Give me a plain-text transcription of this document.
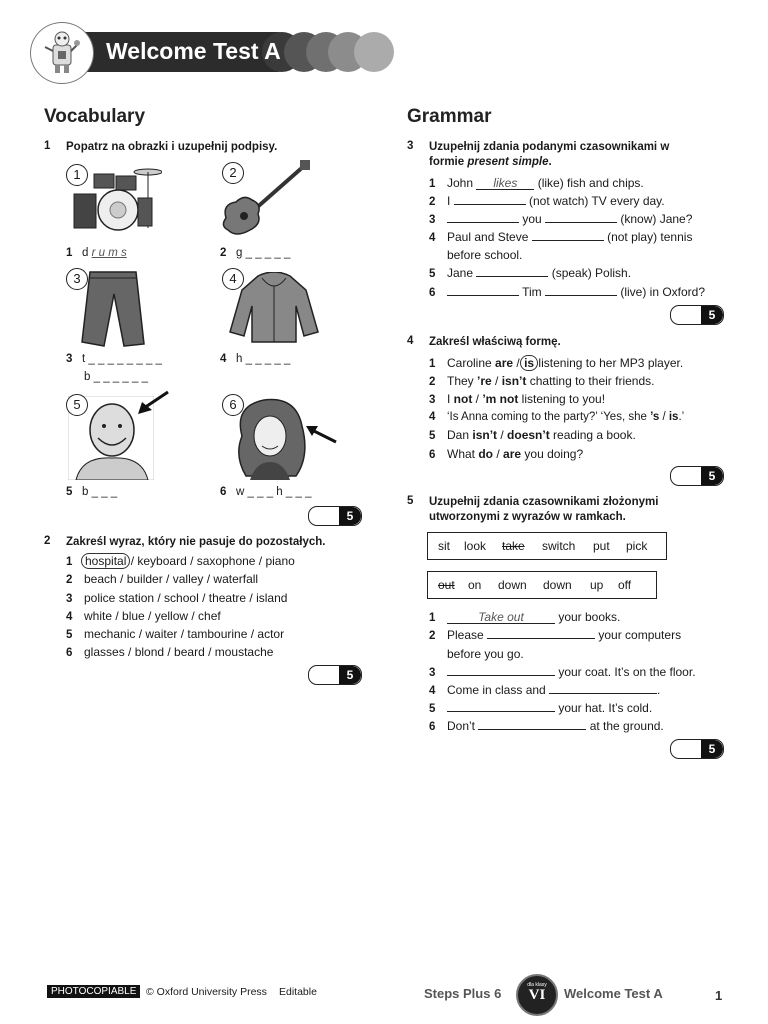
Welcome Test A
Vocabulary
1 Popatrz na obrazki i uzupełnij podpisy.
1	2
3	4
5	6
1 d r u m s	2 g _ _ _ _ _
3 t _ _ _ _ _ _ _ _
b _ _ _ _ _ _
4 h _ _ _ _ _
5 b _ _ _	6 w _ _ _ h _ _ _
5
2 Zakreśl wyraz, który nie pasuje do pozostałych.
1 hospital / keyboard / saxophone / piano
2 beach / builder / valley / waterfall
3 police station / school / theatre / island
4 white / blue / yellow / chef
5 mechanic / waiter / tambourine / actor
6 glasses / blond / beard / moustache
5
Grammar
3 Uzupełnij zdania podanymi czasownikami w
formie present simple.
1 John likes (like) fish and chips.
2 I	(not watch) TV every day.
3	you	(know) Jane?
4 Paul and Steve	(not play) tennis
before school.
5 Jane	(speak) Polish.
6	Tim	(live) in Oxford?
5
4 Zakreśl właściwą formę.
1 Caroline are / is listening to her MP3 player.
2 They ’re / isn’t chatting to their friends.
3 I not / ’m not listening to you!
4 ‘Is Anna coming to the party?’ ‘Yes, she ’s / is.’
5 Dan isn’t / doesn’t reading a book.
6 What do / are you doing?
5
5 Uzupełnij zdania czasownikami złożonymi
utworzonymi z wyrazów w ramkach.
sit look take switch put pick
out on down down up off
1	Take out	your books.
2 Please	your computers
before you go.
3	your coat. It’s on the floor.
4 Come in class and	.
5	your hat. It’s cold.
6 Don’t	at the ground.
5
PHOTOCOPIABLE © Oxford University Press Editable	Steps Plus 6
dla klasy
VI	Welcome Test A	1
